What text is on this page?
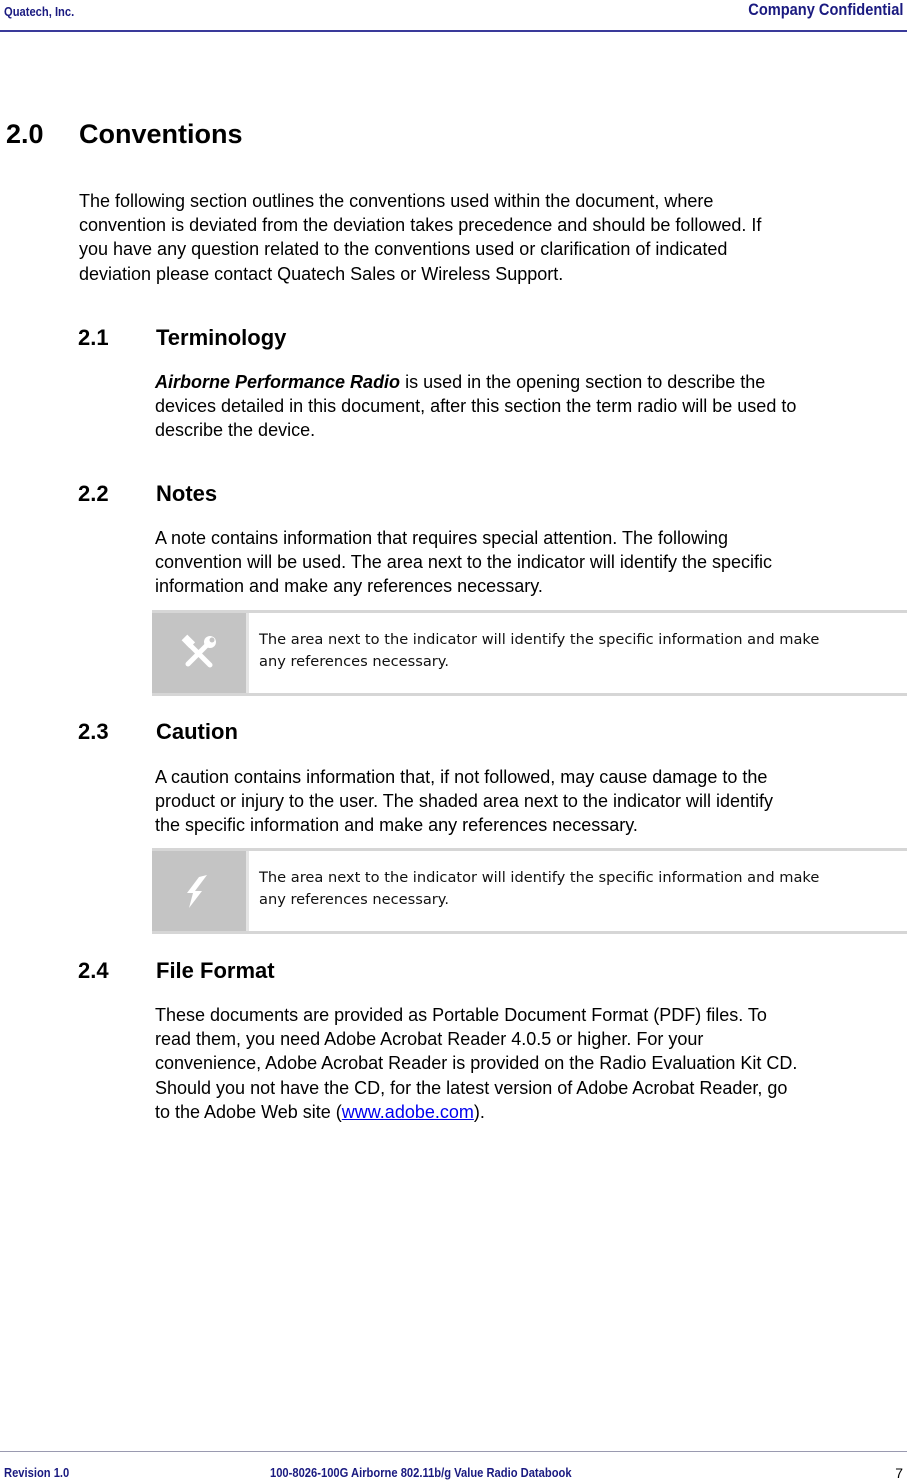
Quatech, Inc.	Company Confidential
2.0 Conventions
The following section outlines the conventions used within the document, where
convention is deviated from the deviation takes precedence and should be followed. If
you have any question related to the conventions used or clarification of indicated
deviation please contact Quatech Sales or Wireless Support.
2.1 Terminology
Airborne Performance Radio is used in the opening section to describe the
devices detailed in this document, after this section the term radio will be used to
describe the device.
2.2 Notes
A note contains information that requires special attention. The following
convention will be used. The area next to the indicator will identify the specific
information and make any references necessary.
The area next to the indicator will identify the specific information and make
any references necessary.
2.3 Caution
A caution contains information that, if not followed, may cause damage to the
product or injury to the user. The shaded area next to the indicator will identify
the specific information and make any references necessary.
The area next to the indicator will identify the specific information and make
any references necessary.
2.4 File Format
These documents are provided as Portable Document Format (PDF) files. To
read them, you need Adobe Acrobat Reader 4.0.5 or higher. For your
convenience, Adobe Acrobat Reader is provided on the Radio Evaluation Kit CD.
Should you not have the CD, for the latest version of Adobe Acrobat Reader, go
to the Adobe Web site (www.adobe.com).
Revision 1.0	100-8026-100G Airborne 802.11b/g Value Radio Databook	7
